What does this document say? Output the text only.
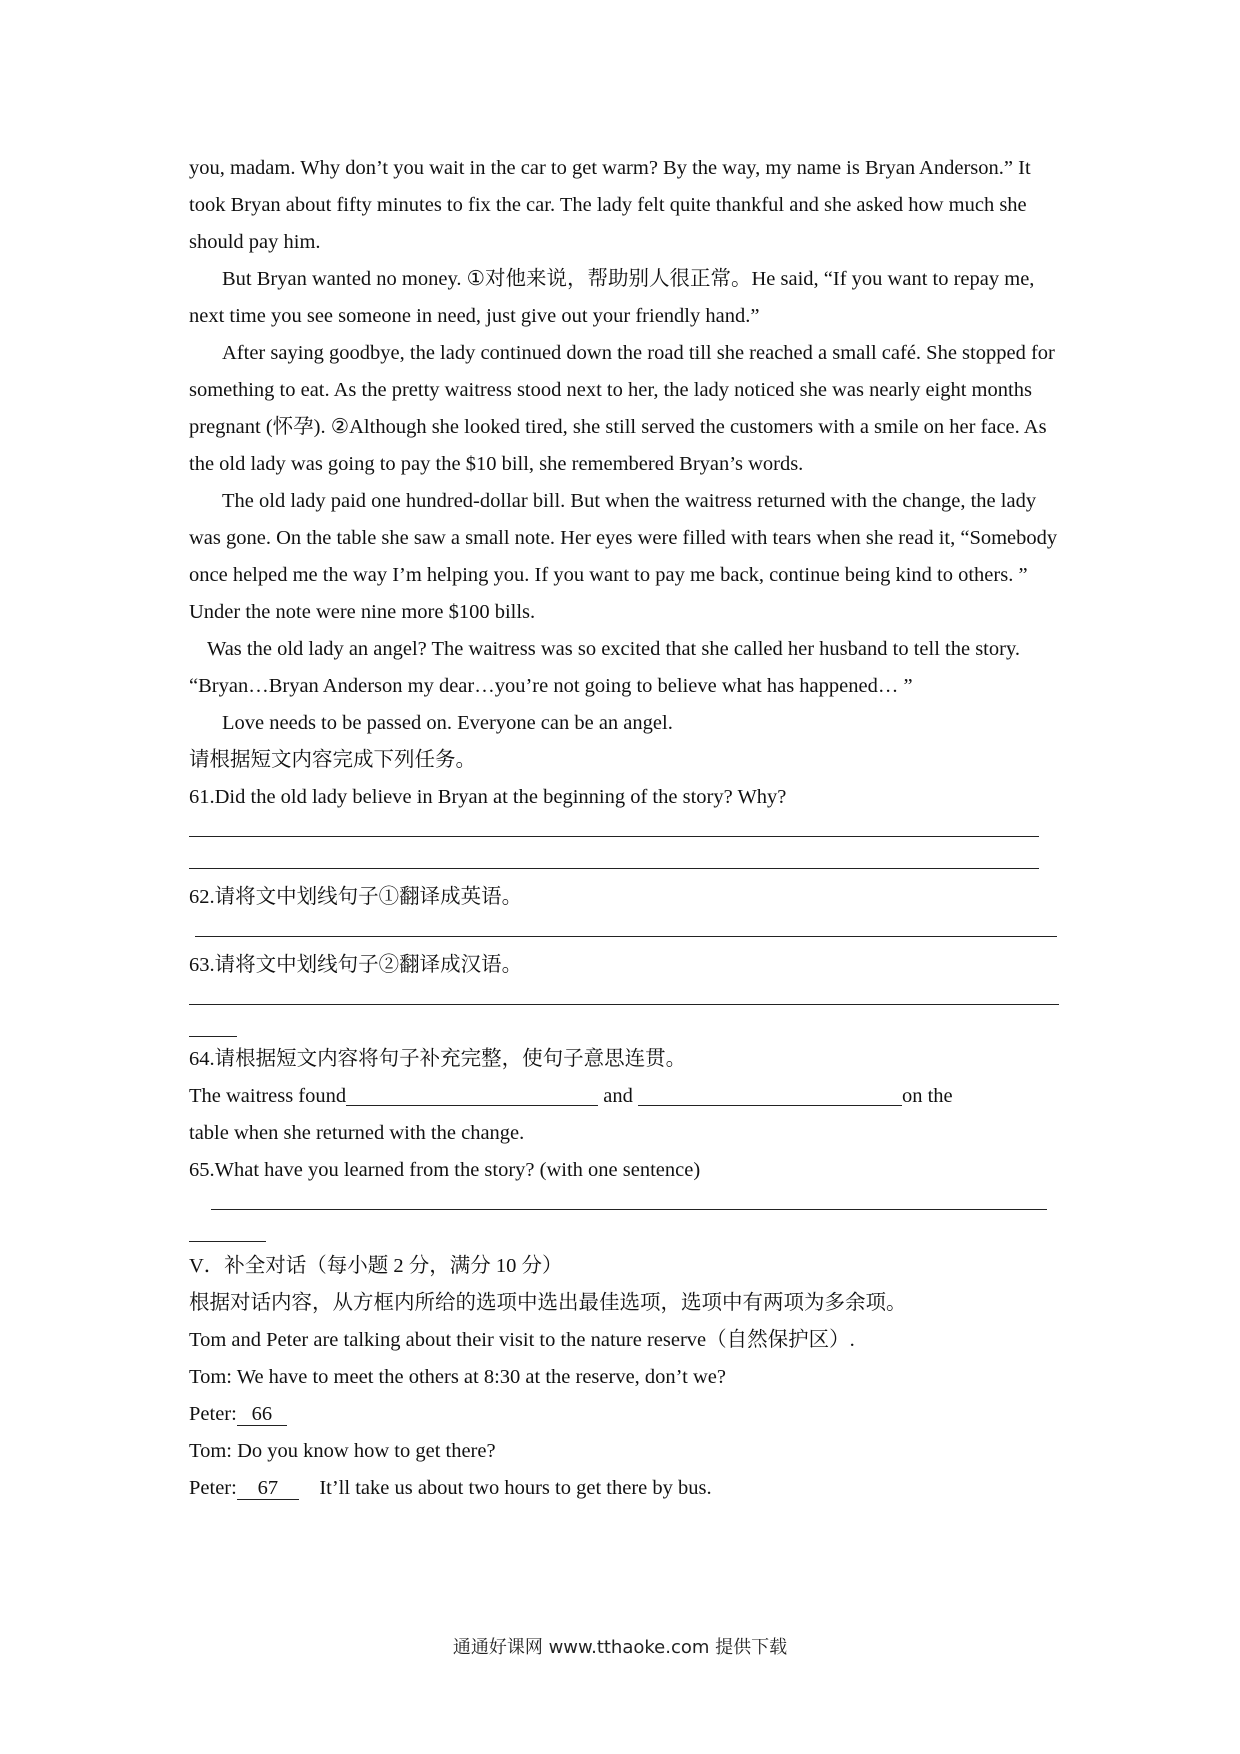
you, madam. Why don’t you wait in the car to get warm? By the way, my name is Bryan Anderson.” It took Bryan about fifty minutes to fix the car. The lady felt quite thankful and she asked how much she should pay him.

But Bryan wanted no money. ①对他来说，帮助别人很正常。He said, “If you want to repay me, next time you see someone in need, just give out your friendly hand.”

After saying goodbye, the lady continued down the road till she reached a small café. She stopped for something to eat. As the pretty waitress stood next to her, the lady noticed she was nearly eight months pregnant (怀孕). ②Although she looked tired, she still served the customers with a smile on her face. As the old lady was going to pay the $10 bill, she remembered Bryan’s words.

The old lady paid one hundred-dollar bill. But when the waitress returned with the change, the lady was gone. On the table she saw a small note. Her eyes were filled with tears when she read it, “Somebody once helped me the way I’m helping you. If you want to pay me back, continue being kind to others. ” Under the note were nine more $100 bills.

Was the old lady an angel? The waitress was so excited that she called her husband to tell the story. “Bryan…Bryan Anderson my dear…you’re not going to believe what has happened… ”

Love needs to be passed on. Everyone can be an angel.

请根据短文内容完成下列任务。

61.Did the old lady believe in Bryan at the beginning of the story? Why?

62.请将文中划线句子①翻译成英语。

63.请将文中划线句子②翻译成汉语。

64.请根据短文内容将句子补充完整，使句子意思连贯。

The waitress found	and	on the

table when she returned with the change.

65.What have you learned from the story? (with one sentence)

V．补全对话（每小题 2 分，满分 10 分）

根据对话内容，从方框内所给的选项中选出最佳选项，选项中有两项为多余项。

Tom and Peter are talking about their visit to the nature reserve（自然保护区）.

Tom: We have to meet the others at 8:30 at the reserve, don’t we?

Peter: 66

Tom: Do you know how to get there?

Peter: 67 It’ll take us about two hours to get there by bus.

通通好课网 www.tthaoke.com 提供下载
